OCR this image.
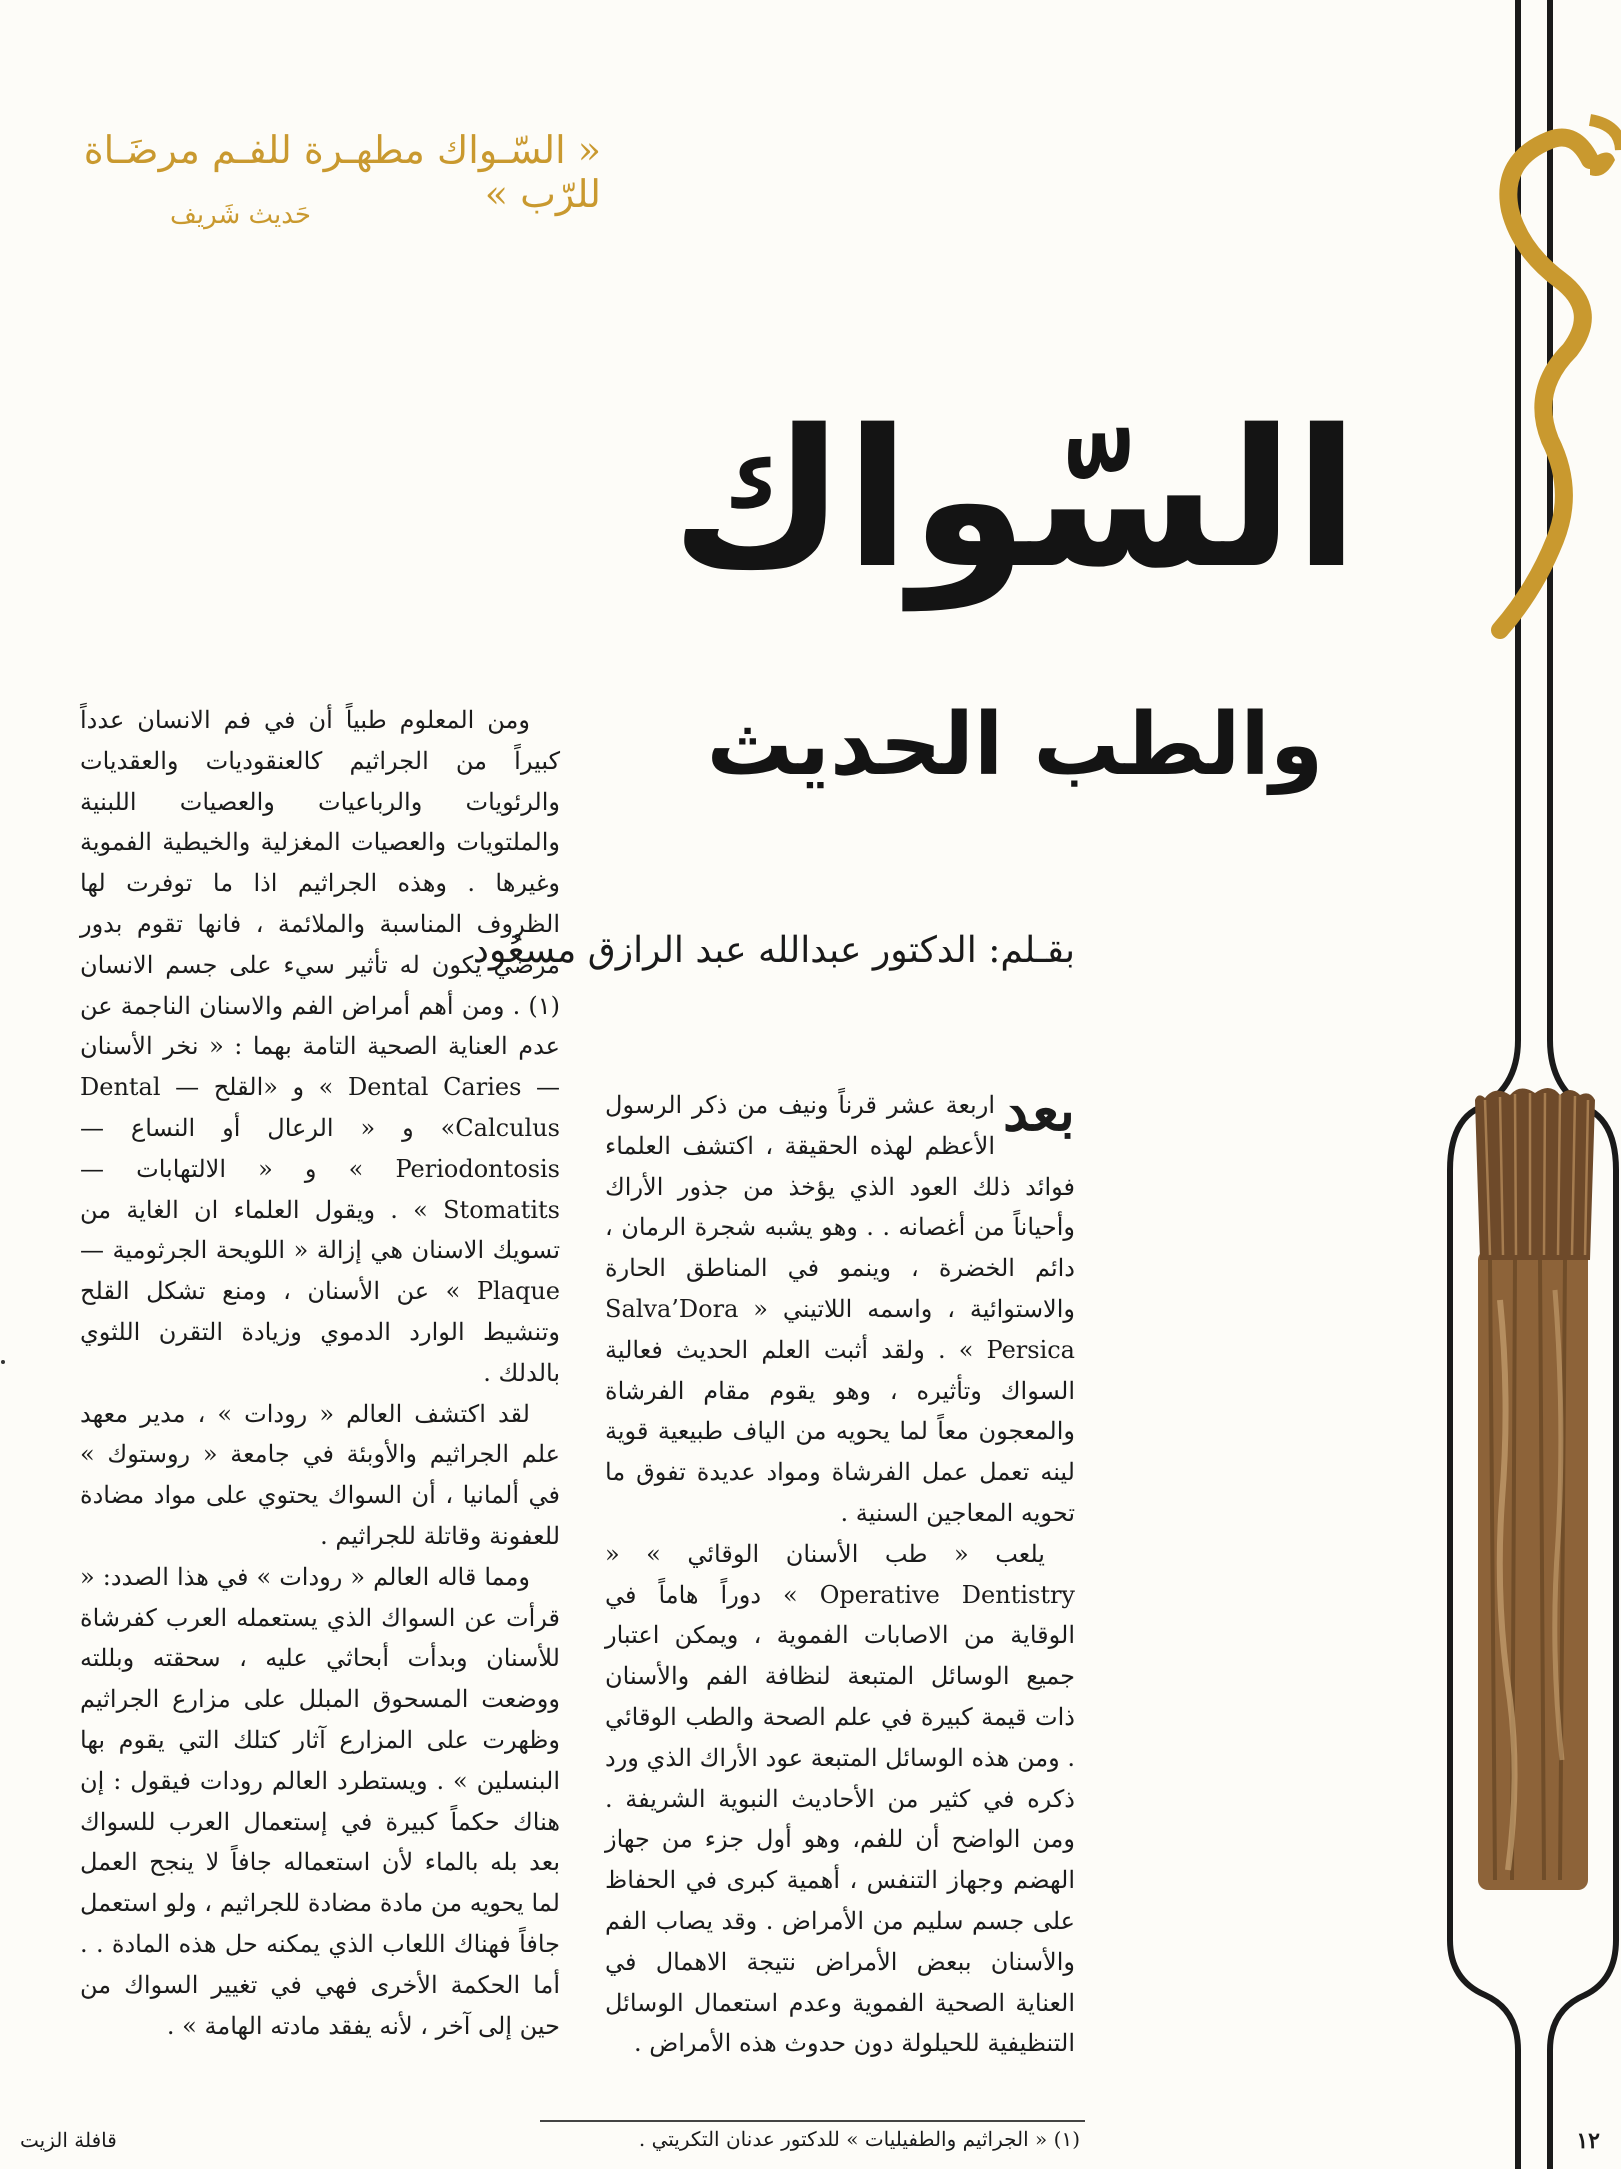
« السّـواك مطهـرة للفـم مرضَـاة للرّب »
حَديث شَريف
السّواك
والطب الحديث
بقـلم: الدكتور عبدالله عبد الرازق مسعُود
بعد

اربعة عشر قرناً ونيف من ذكر الرسول الأعظم لهذه الحقيقة ، اكتشف العلماء فوائد ذلك العود الذي يؤخذ من جذور الأراك وأحياناً من أغصانه . . وهو يشبه شجرة الرمان ، دائم الخضرة ، وينمو في المناطق الحارة والاستوائية ، واسمه اللاتيني « Salva’Dora Persica » . ولقد أثبت العلم الحديث فعالية السواك وتأثيره ، وهو يقوم مقام الفرشاة والمعجون معاً لما يحويه من الياف طبيعية قوية لينه تعمل عمل الفرشاة ومواد عديدة تفوق ما تحويه المعاجين السنية .

يلعب « طب الأسنان الوقائي » « Operative Dentistry » دوراً هاماً في الوقاية من الاصابات الفموية ، ويمكن اعتبار جميع الوسائل المتبعة لنظافة الفم والأسنان ذات قيمة كبيرة في علم الصحة والطب الوقائي . ومن هذه الوسائل المتبعة عود الأراك الذي ورد ذكره في كثير من الأحاديث النبوية الشريفة . ومن الواضح أن للفم، وهو أول جزء من جهاز الهضم وجهاز التنفس ، أهمية كبرى في الحفاظ على جسم سليم من الأمراض . وقد يصاب الفم والأسنان ببعض الأمراض نتيجة الاهمال في العناية الصحية الفموية وعدم استعمال الوسائل التنظيفية للحيلولة دون حدوث هذه الأمراض .

ومن المعلوم طبياً أن في فم الانسان عدداً كبيراً من الجراثيم كالعنقوديات والعقديات والرئويات والرباعيات والعصيات اللبنية والملتويات والعصيات المغزلية والخيطية الفموية وغيرها . وهذه الجراثيم اذا ما توفرت لها الظروف المناسبة والملائمة ، فانها تقوم بدور مرضي يكون له تأثير سيء على جسم الانسان (١) . ومن أهم أمراض الفم والاسنان الناجمة عن عدم العناية الصحية التامة بهما : « نخر الأسنان — Dental Caries » و «القلح — Dental Calculus» و « الرعال أو النساع — Periodontosis » و « الالتهابات — Stomatits » . ويقول العلماء ان الغاية من تسويك الاسنان هي إزالة « اللويحة الجرثومية — Plaque » عن الأسنان ، ومنع تشكل القلح وتنشيط الوارد الدموي وزيادة التقرن اللثوي بالدلك .

لقد اكتشف العالم « رودات » ، مدير معهد علم الجراثيم والأوبئة في جامعة « روستوك » في ألمانيا ، أن السواك يحتوي على مواد مضادة للعفونة وقاتلة للجراثيم .

ومما قاله العالم « رودات » في هذا الصدد: « قرأت عن السواك الذي يستعمله العرب كفرشاة للأسنان وبدأت أبحاثي عليه ، سحقته وبللته ووضعت المسحوق المبلل على مزارع الجراثيم وظهرت على المزارع آثار كتلك التي يقوم بها البنسلين » . ويستطرد العالم رودات فيقول : إن هناك حكماً كبيرة في إستعمال العرب للسواك بعد بله بالماء لأن استعماله جافاً لا ينجح العمل لما يحويه من مادة مضادة للجراثيم ، ولو استعمل جافاً فهناك اللعاب الذي يمكنه حل هذه المادة . . أما الحكمة الأخرى فهي في تغيير السواك من حين إلى آخر ، لأنه يفقد مادته الهامة » .

(١) « الجراثيم والطفيليات » للدكتور عدنان التكريتي .	١٢
قافلة الزيت
